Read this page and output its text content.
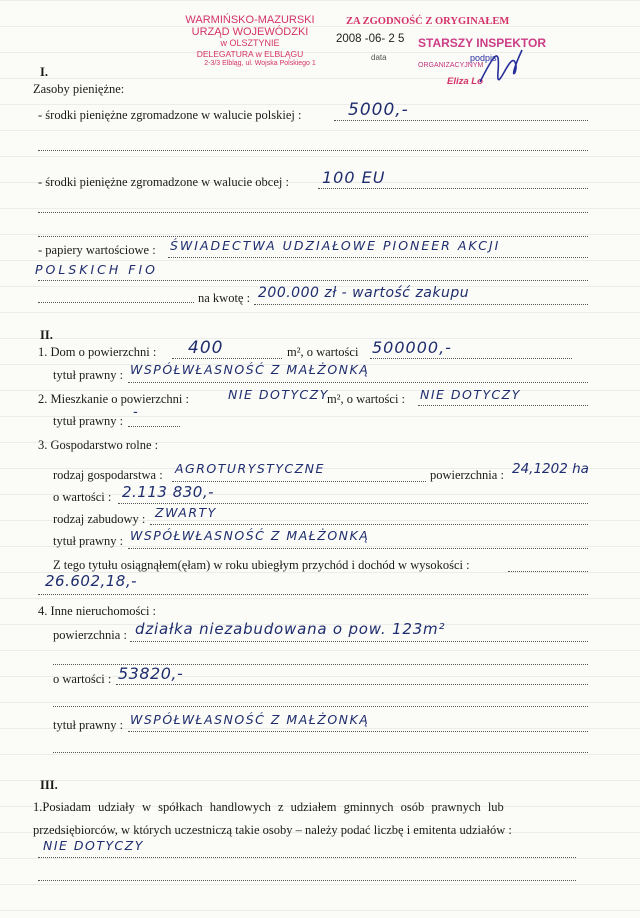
WARMIŃSKO-MAZURSKI
URZĄD WOJEWÓDZKI
w OLSZTYNIE
DELEGATURA w ELBLĄGU
2-3/3 Elbląg, ul. Wojska Polskiego 1
ZA ZGODNOŚĆ Z ORYGINAŁEM
2008 -06- 2 5 STARSZY INSPEKTOR
data	podpis
ORGANIZACYJNYM
Eliza Lo
I.
Zasoby pieniężne:
- środki pieniężne zgromadzone w walucie polskiej :	5000,-
- środki pieniężne zgromadzone w walucie obcej : 100 EU
- papiery wartościowe : ŚWIADECTWA UDZIAŁOWE PIONEER AKCJI
POLSKICH FIO
na kwotę : 200.000 zł - wartość zakupu
II.
1. Dom o powierzchni : 400	m², o wartości 500000,-
tytuł prawny : WSPÓŁWŁASNOŚĆ Z MAŁŻONKĄ
2. Mieszkanie o powierzchni :	NIE DOTYCZY
m², o wartości : NIE DOTYCZY
tytuł prawny :
-
3. Gospodarstwo rolne :
rodzaj gospodarstwa : AGROTURYSTYCZNE	powierzchnia : 24,1202 ha
o wartości : 2.113 830,-
rodzaj zabudowy : ZWARTY
tytuł prawny : WSPÓŁWŁASNOŚĆ Z MAŁŻONKĄ
Z tego tytułu osiągnąłem(ęłam) w roku ubiegłym przychód i dochód w wysokości :
26.602,18,-
4. Inne nieruchomości :
powierzchnia : działka niezabudowana o pow. 123m²
o wartości : 53820,-
tytuł prawny : WSPÓŁWŁASNOŚĆ Z MAŁŻONKĄ
III.
1.Posiadam udziały w spółkach handlowych z udziałem gminnych osób prawnych lub
przedsiębiorców, w których uczestniczą takie osoby – należy podać liczbę i emitenta udziałów :
NIE DOTYCZY
